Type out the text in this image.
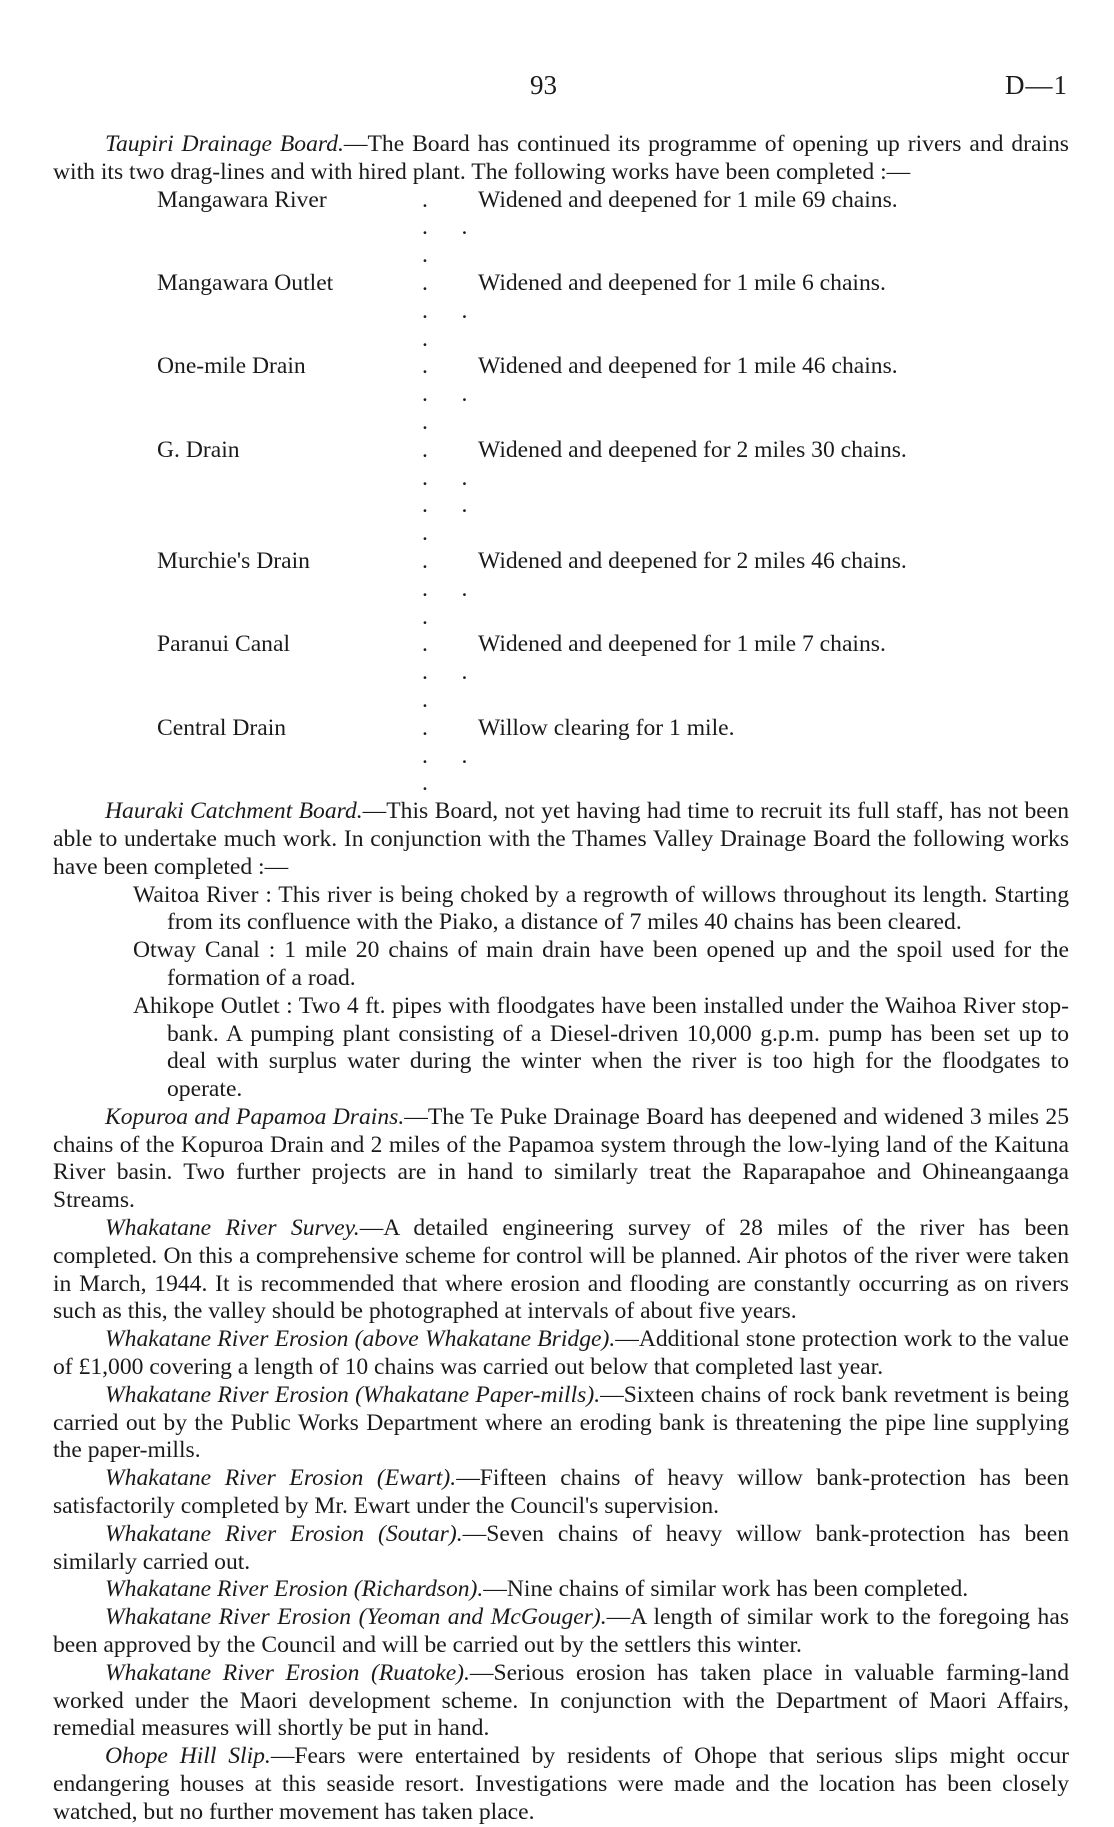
93	D—1

Taupiri Drainage Board.—The Board has continued its programme of opening up rivers and drains with its two drag-lines and with hired plant. The following works have been completed :—

Mangawara River	. .    . .	Widened and deepened for 1 mile 69 chains.
Mangawara Outlet	. .    . .	Widened and deepened for 1 mile 6 chains.
One-mile Drain	. .    . .	Widened and deepened for 1 mile 46 chains.
G. Drain	. .    . .    . .	Widened and deepened for 2 miles 30 chains.
Murchie's Drain	. .    . .	Widened and deepened for 2 miles 46 chains.
Paranui Canal	. .    . .	Widened and deepened for 1 mile 7 chains.
Central Drain	. .    . .	Willow clearing for 1 mile.

Hauraki Catchment Board.—This Board, not yet having had time to recruit its full staff, has not been able to undertake much work. In conjunction with the Thames Valley Drainage Board the following works have been completed :—

Waitoa River : This river is being choked by a regrowth of willows throughout its length. Starting from its confluence with the Piako, a distance of 7 miles 40 chains has been cleared.

Otway Canal : 1 mile 20 chains of main drain have been opened up and the spoil used for the formation of a road.

Ahikope Outlet : Two 4 ft. pipes with floodgates have been installed under the Waihoa River stop-bank. A pumping plant consisting of a Diesel-driven 10,000 g.p.m. pump has been set up to deal with surplus water during the winter when the river is too high for the floodgates to operate.

Kopuroa and Papamoa Drains.—The Te Puke Drainage Board has deepened and widened 3 miles 25 chains of the Kopuroa Drain and 2 miles of the Papamoa system through the low-lying land of the Kaituna River basin. Two further projects are in hand to similarly treat the Raparapahoe and Ohineangaanga Streams.

Whakatane River Survey.—A detailed engineering survey of 28 miles of the river has been completed. On this a comprehensive scheme for control will be planned. Air photos of the river were taken in March, 1944. It is recommended that where erosion and flooding are constantly occurring as on rivers such as this, the valley should be photographed at intervals of about five years.

Whakatane River Erosion (above Whakatane Bridge).—Additional stone protection work to the value of £1,000 covering a length of 10 chains was carried out below that completed last year.

Whakatane River Erosion (Whakatane Paper-mills).—Sixteen chains of rock bank revetment is being carried out by the Public Works Department where an eroding bank is threatening the pipe line supplying the paper-mills.

Whakatane River Erosion (Ewart).—Fifteen chains of heavy willow bank-protection has been satisfactorily completed by Mr. Ewart under the Council's supervision.

Whakatane River Erosion (Soutar).—Seven chains of heavy willow bank-protection has been similarly carried out.

Whakatane River Erosion (Richardson).—Nine chains of similar work has been completed.

Whakatane River Erosion (Yeoman and McGouger).—A length of similar work to the foregoing has been approved by the Council and will be carried out by the settlers this winter.

Whakatane River Erosion (Ruatoke).—Serious erosion has taken place in valuable farming-land worked under the Maori development scheme. In conjunction with the Department of Maori Affairs, remedial measures will shortly be put in hand.

Ohope Hill Slip.—Fears were entertained by residents of Ohope that serious slips might occur endangering houses at this seaside resort. Investigations were made and the location has been closely watched, but no further movement has taken place.
